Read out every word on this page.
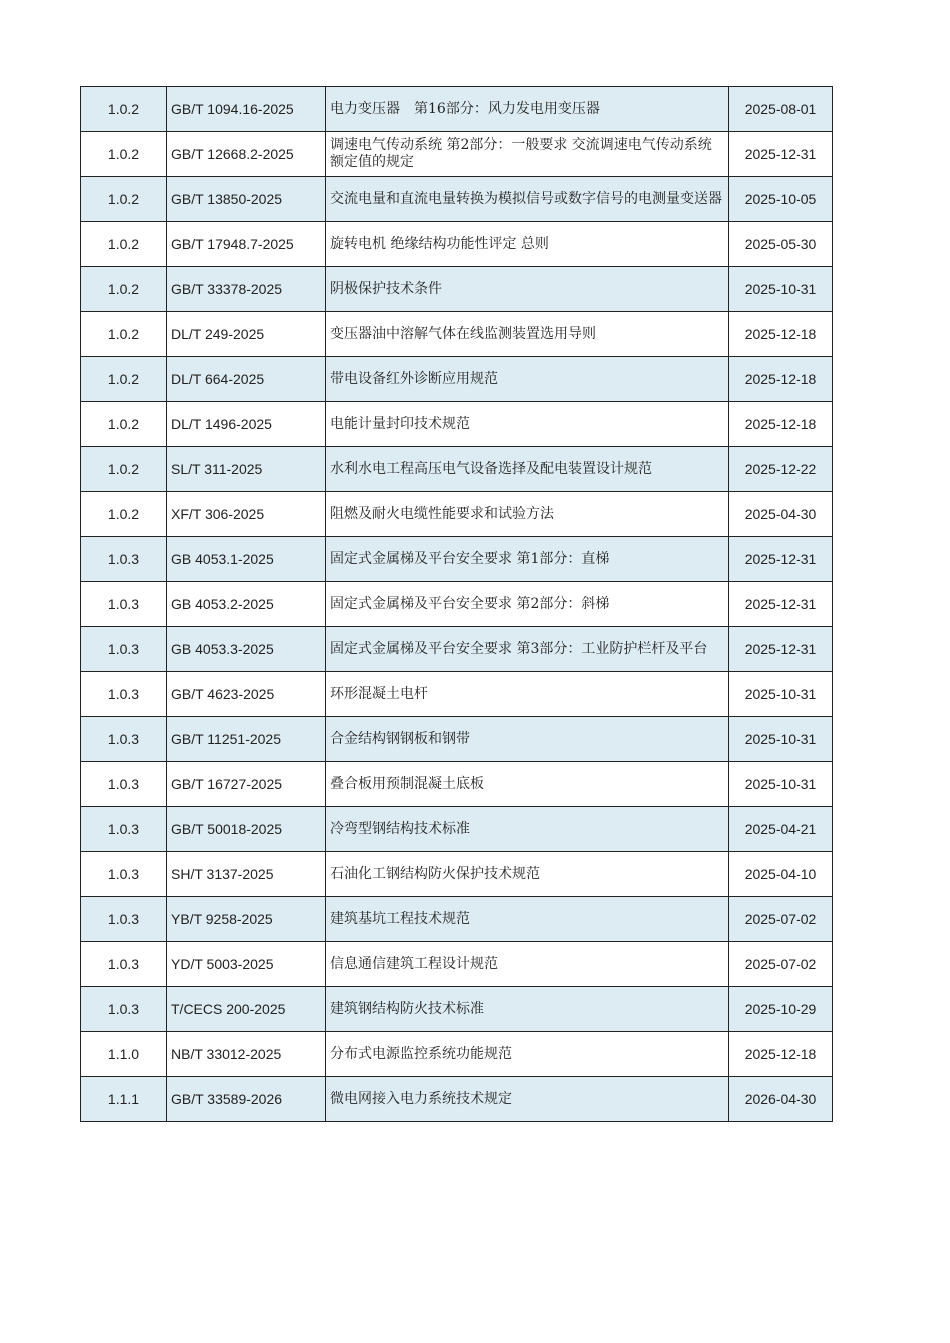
1.0.2	GB/T 1094.16-2025	电力变压器　第16部分：风力发电用变压器	2025-08-01
1.0.2	GB/T 12668.2-2025	调速电气传动系统 第2部分：一般要求 交流调速电气传动系统额定值的规定	2025-12-31
1.0.2	GB/T 13850-2025	交流电量和直流电量转换为模拟信号或数字信号的电测量变送器	2025-10-05
1.0.2	GB/T 17948.7-2025	旋转电机 绝缘结构功能性评定 总则	2025-05-30
1.0.2	GB/T 33378-2025	阴极保护技术条件	2025-10-31
1.0.2	DL/T 249-2025	变压器油中溶解气体在线监测装置选用导则	2025-12-18
1.0.2	DL/T 664-2025	带电设备红外诊断应用规范	2025-12-18
1.0.2	DL/T 1496-2025	电能计量封印技术规范	2025-12-18
1.0.2	SL/T 311-2025	水利水电工程高压电气设备选择及配电装置设计规范	2025-12-22
1.0.2	XF/T 306-2025	阻燃及耐火电缆性能要求和试验方法	2025-04-30
1.0.3	GB 4053.1-2025	固定式金属梯及平台安全要求 第1部分：直梯	2025-12-31
1.0.3	GB 4053.2-2025	固定式金属梯及平台安全要求 第2部分：斜梯	2025-12-31
1.0.3	GB 4053.3-2025	固定式金属梯及平台安全要求 第3部分：工业防护栏杆及平台	2025-12-31
1.0.3	GB/T 4623-2025	环形混凝土电杆	2025-10-31
1.0.3	GB/T 11251-2025	合金结构钢钢板和钢带	2025-10-31
1.0.3	GB/T 16727-2025	叠合板用预制混凝土底板	2025-10-31
1.0.3	GB/T 50018-2025	冷弯型钢结构技术标准	2025-04-21
1.0.3	SH/T 3137-2025	石油化工钢结构防火保护技术规范	2025-04-10
1.0.3	YB/T 9258-2025	建筑基坑工程技术规范	2025-07-02
1.0.3	YD/T 5003-2025	信息通信建筑工程设计规范	2025-07-02
1.0.3	T/CECS 200-2025	建筑钢结构防火技术标准	2025-10-29
1.1.0	NB/T 33012-2025	分布式电源监控系统功能规范	2025-12-18
1.1.1	GB/T 33589-2026	微电网接入电力系统技术规定	2026-04-30
